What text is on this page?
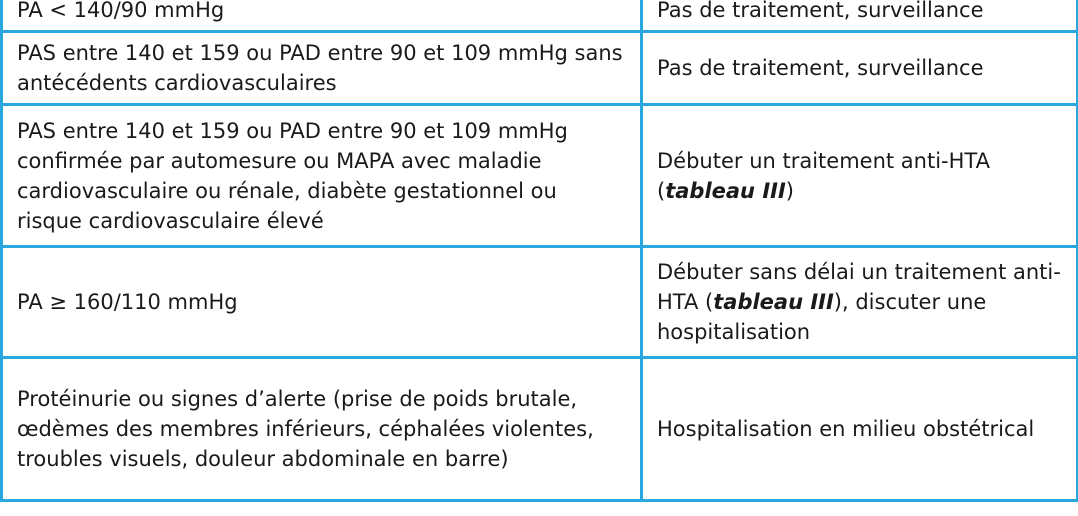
PA < 140/90 mmHg	Pas de traitement, surveillance
PAS entre 140 et 159 ou PAD entre 90 et 109 mmHg sans antécédents cardiovasculaires	Pas de traitement, surveillance
PAS entre 140 et 159 ou PAD entre 90 et 109 mmHg confirmée par automesure ou MAPA avec maladie cardiovasculaire ou rénale, diabète gestationnel ou risque cardiovasculaire élevé	Débuter un traitement anti-HTA (tableau III)
PA ≥ 160/110 mmHg	Débuter sans délai un traitement anti-HTA (tableau III), discuter une hospitalisation
Protéinurie ou signes d’alerte (prise de poids brutale, œdèmes des membres inférieurs, céphalées violentes, troubles visuels, douleur abdominale en barre)	Hospitalisation en milieu obstétrical
